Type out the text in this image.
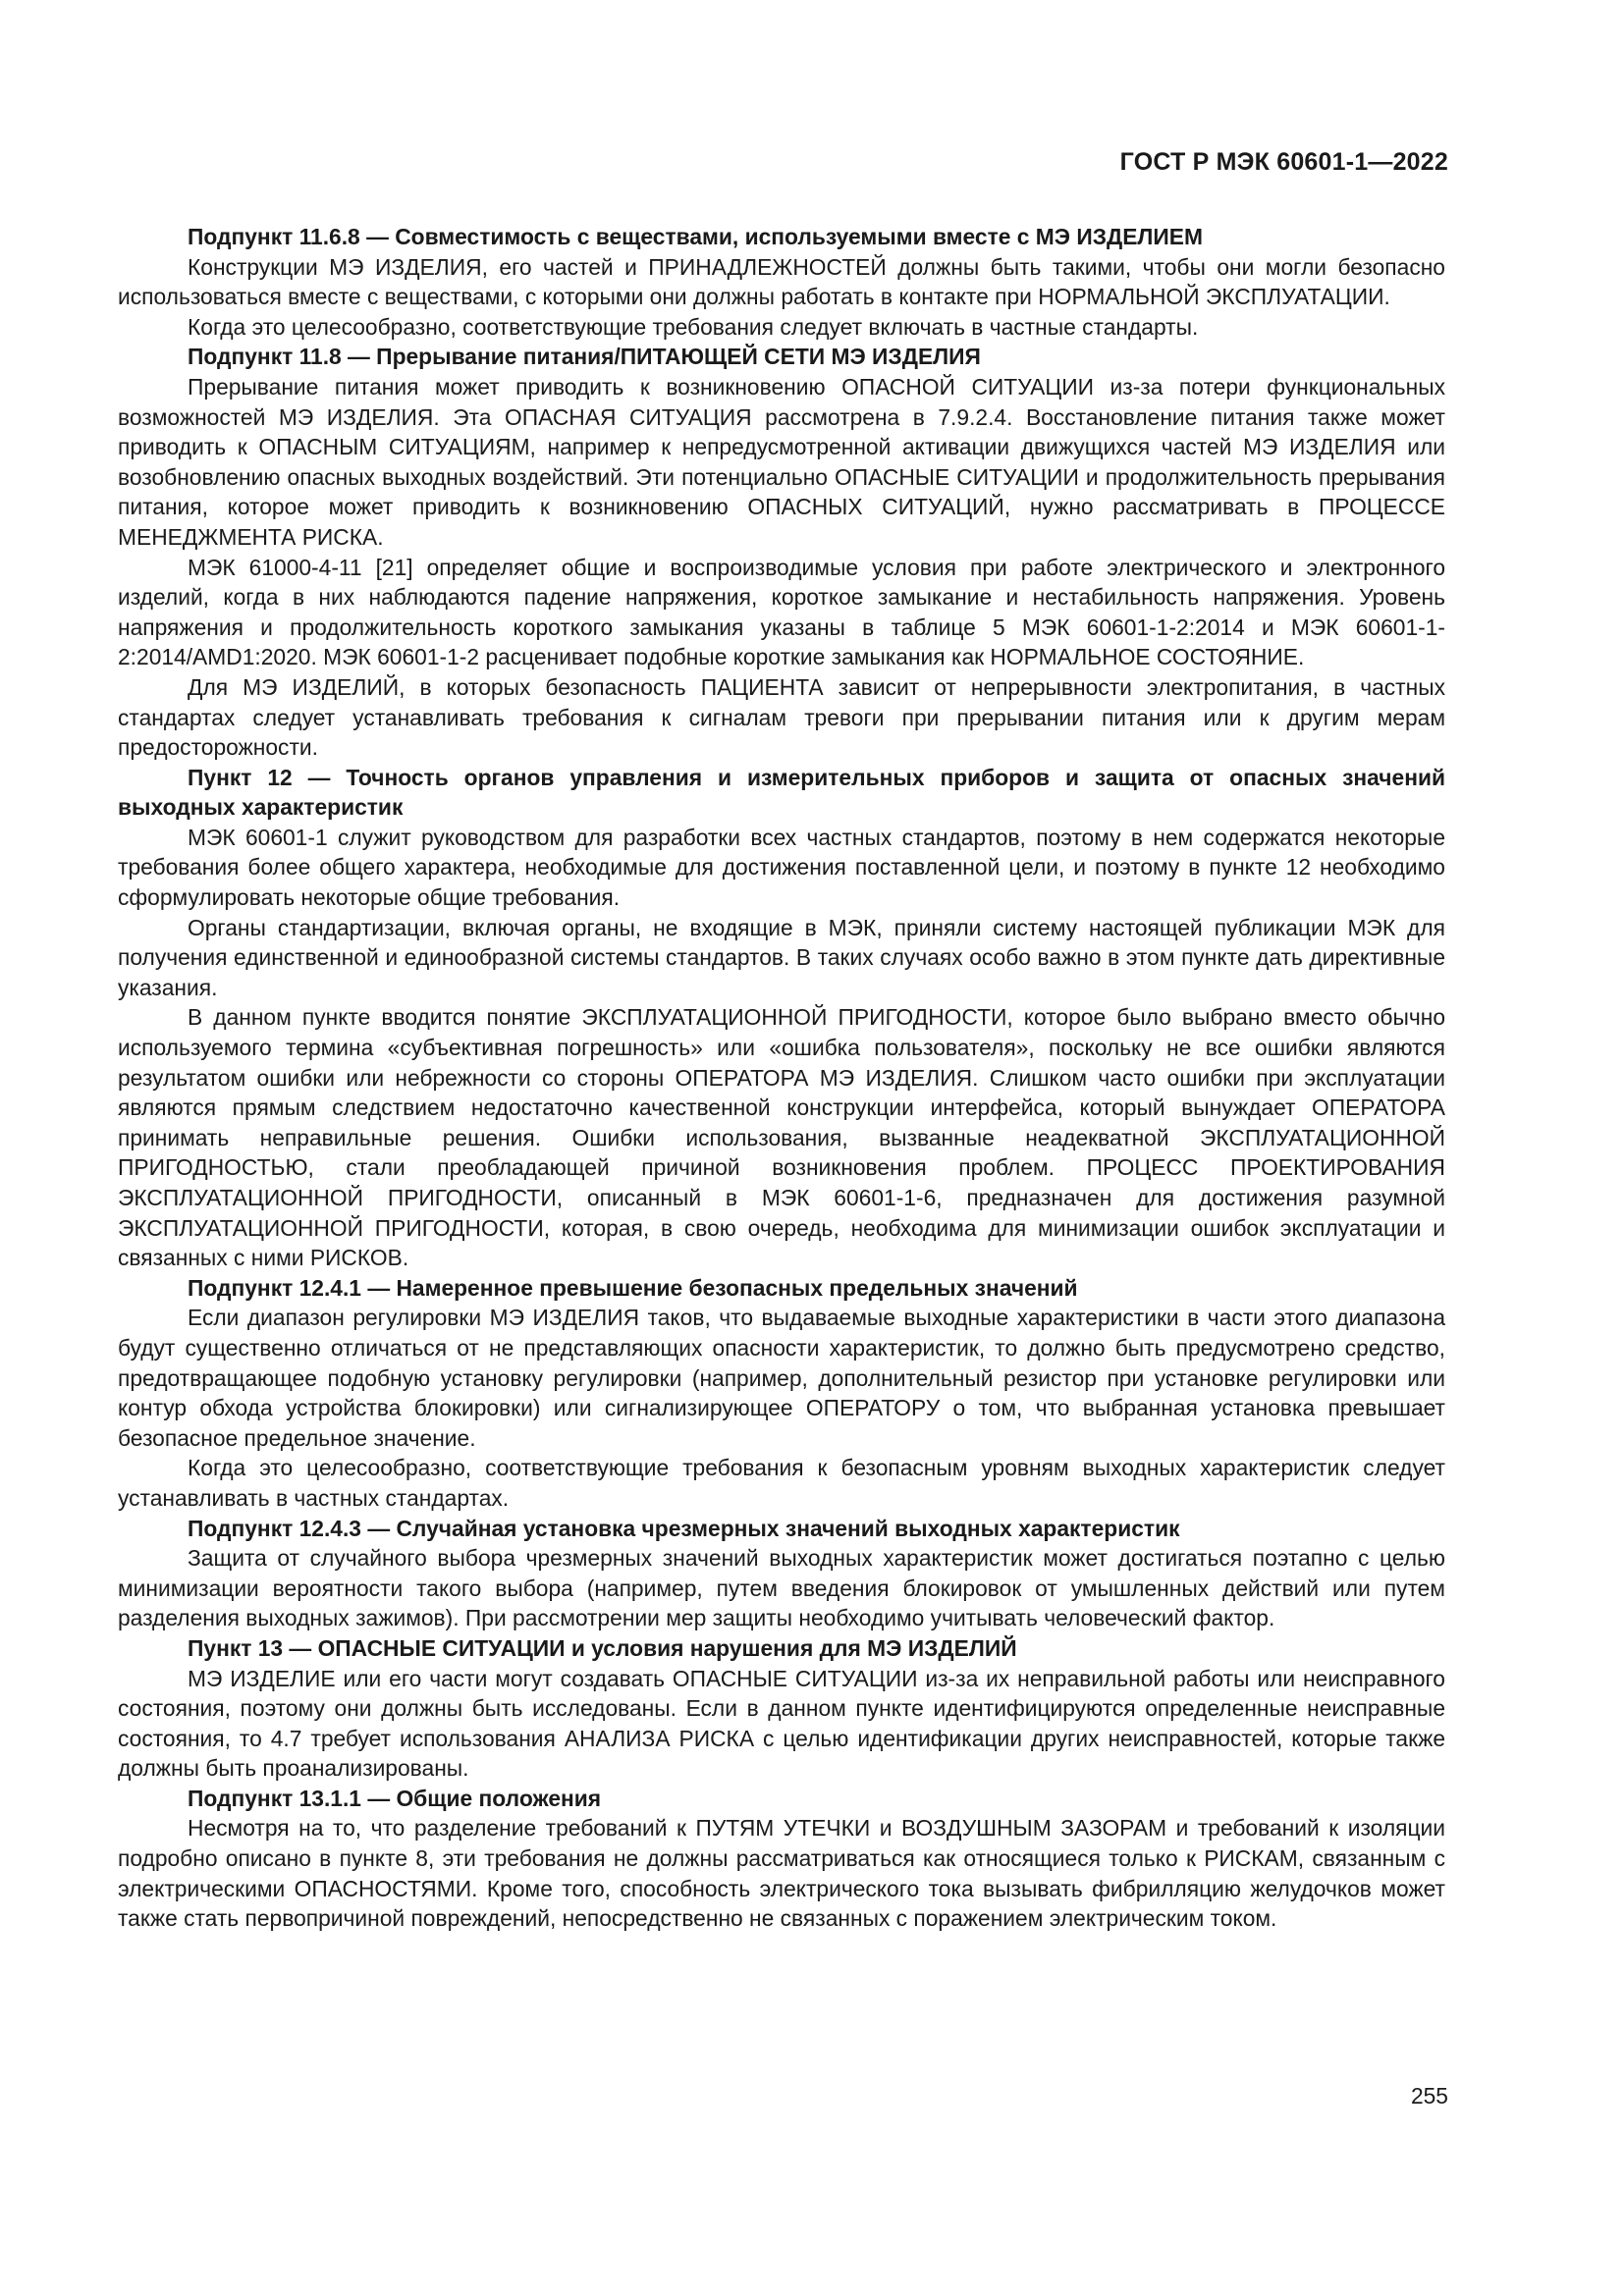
ГОСТ Р МЭК 60601-1—2022

Подпункт 11.6.8 — Совместимость с веществами, используемыми вместе с МЭ ИЗДЕЛИЕМ

Конструкции МЭ ИЗДЕЛИЯ, его частей и ПРИНАДЛЕЖНОСТЕЙ должны быть такими, чтобы они могли безопасно использоваться вместе с веществами, с которыми они должны работать в контакте при НОРМАЛЬНОЙ ЭКСПЛУАТАЦИИ.

Когда это целесообразно, соответствующие требования следует включать в частные стандарты.

Подпункт 11.8 — Прерывание питания/ПИТАЮЩЕЙ СЕТИ МЭ ИЗДЕЛИЯ

Прерывание питания может приводить к возникновению ОПАСНОЙ СИТУАЦИИ из-за потери функциональных возможностей МЭ ИЗДЕЛИЯ. Эта ОПАСНАЯ СИТУАЦИЯ рассмотрена в 7.9.2.4. Восстановление питания также может приводить к ОПАСНЫМ СИТУАЦИЯМ, например к непредусмотренной активации движущихся частей МЭ ИЗДЕЛИЯ или возобновлению опасных выходных воздействий. Эти потенциально ОПАСНЫЕ СИТУАЦИИ и продолжительность прерывания питания, которое может приводить к возникновению ОПАСНЫХ СИТУАЦИЙ, нужно рассматривать в ПРОЦЕССЕ МЕНЕДЖМЕНТА РИСКА.

МЭК 61000-4-11 [21] определяет общие и воспроизводимые условия при работе электрического и электронного изделий, когда в них наблюдаются падение напряжения, короткое замыкание и нестабильность напряжения. Уровень напряжения и продолжительность короткого замыкания указаны в таблице 5 МЭК 60601-1-2:2014 и МЭК 60601-1-2:2014/AMD1:2020. МЭК 60601-1-2 расценивает подобные короткие замыкания как НОРМАЛЬНОЕ СОСТОЯНИЕ.

Для МЭ ИЗДЕЛИЙ, в которых безопасность ПАЦИЕНТА зависит от непрерывности электропитания, в частных стандартах следует устанавливать требования к сигналам тревоги при прерывании питания или к другим мерам предосторожности.

Пункт 12 — Точность органов управления и измерительных приборов и защита от опасных значений выходных характеристик

МЭК 60601-1 служит руководством для разработки всех частных стандартов, поэтому в нем содержатся некоторые требования более общего характера, необходимые для достижения поставленной цели, и поэтому в пункте 12 необходимо сформулировать некоторые общие требования.

Органы стандартизации, включая органы, не входящие в МЭК, приняли систему настоящей публикации МЭК для получения единственной и единообразной системы стандартов. В таких случаях особо важно в этом пункте дать директивные указания.

В данном пункте вводится понятие ЭКСПЛУАТАЦИОННОЙ ПРИГОДНОСТИ, которое было выбрано вместо обычно используемого термина «субъективная погрешность» или «ошибка пользователя», поскольку не все ошибки являются результатом ошибки или небрежности со стороны ОПЕРАТОРА МЭ ИЗДЕЛИЯ. Слишком часто ошибки при эксплуатации являются прямым следствием недостаточно качественной конструкции интерфейса, который вынуждает ОПЕРАТОРА принимать неправильные решения. Ошибки использования, вызванные неадекватной ЭКСПЛУАТАЦИОННОЙ ПРИГОДНОСТЬЮ, стали преобладающей причиной возникновения проблем. ПРОЦЕСС ПРОЕКТИРОВАНИЯ ЭКСПЛУАТАЦИОННОЙ ПРИГОДНОСТИ, описанный в МЭК 60601-1-6, предназначен для достижения разумной ЭКСПЛУАТАЦИОННОЙ ПРИГОДНОСТИ, которая, в свою очередь, необходима для минимизации ошибок эксплуатации и связанных с ними РИСКОВ.

Подпункт 12.4.1 — Намеренное превышение безопасных предельных значений

Если диапазон регулировки МЭ ИЗДЕЛИЯ таков, что выдаваемые выходные характеристики в части этого диапазона будут существенно отличаться от не представляющих опасности характеристик, то должно быть предусмотрено средство, предотвращающее подобную установку регулировки (например, дополнительный резистор при установке регулировки или контур обхода устройства блокировки) или сигнализирующее ОПЕРАТОРУ о том, что выбранная установка превышает безопасное предельное значение.

Когда это целесообразно, соответствующие требования к безопасным уровням выходных характеристик следует устанавливать в частных стандартах.

Подпункт 12.4.3 — Случайная установка чрезмерных значений выходных характеристик

Защита от случайного выбора чрезмерных значений выходных характеристик может достигаться поэтапно с целью минимизации вероятности такого выбора (например, путем введения блокировок от умышленных действий или путем разделения выходных зажимов). При рассмотрении мер защиты необходимо учитывать человеческий фактор.

Пункт 13 — ОПАСНЫЕ СИТУАЦИИ и условия нарушения для МЭ ИЗДЕЛИЙ

МЭ ИЗДЕЛИЕ или его части могут создавать ОПАСНЫЕ СИТУАЦИИ из-за их неправильной работы или неисправного состояния, поэтому они должны быть исследованы. Если в данном пункте идентифицируются определенные неисправные состояния, то 4.7 требует использования АНАЛИЗА РИСКА с целью идентификации других неисправностей, которые также должны быть проанализированы.

Подпункт 13.1.1 — Общие положения

Несмотря на то, что разделение требований к ПУТЯМ УТЕЧКИ и ВОЗДУШНЫМ ЗАЗОРАМ и требований к изоляции подробно описано в пункте 8, эти требования не должны рассматриваться как относящиеся только к РИСКАМ, связанным с электрическими ОПАСНОСТЯМИ. Кроме того, способность электрического тока вызывать фибрилляцию желудочков может также стать первопричиной повреждений, непосредственно не связанных с поражением электрическим током.

255
